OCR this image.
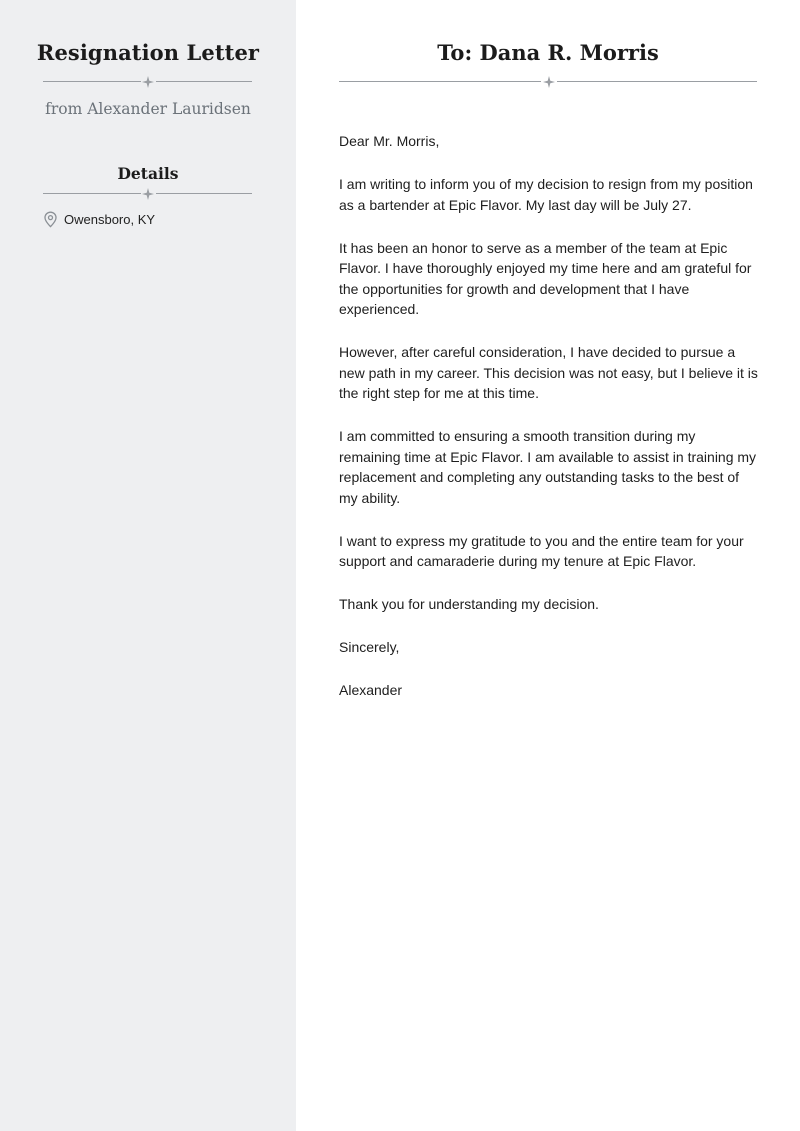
Resignation Letter
from Alexander Lauridsen
Details
Owensboro, KY
To: Dana R. Morris

Dear Mr. Morris,

I am writing to inform you of my decision to resign from my position as a bartender at Epic Flavor. My last day will be July 27.

It has been an honor to serve as a member of the team at Epic Flavor. I have thoroughly enjoyed my time here and am grateful for the opportunities for growth and development that I have experienced.

However, after careful consideration, I have decided to pursue a new path in my career. This decision was not easy, but I believe it is the right step for me at this time.

I am committed to ensuring a smooth transition during my remaining time at Epic Flavor. I am available to assist in training my replacement and completing any outstanding tasks to the best of my ability.

I want to express my gratitude to you and the entire team for your support and camaraderie during my tenure at Epic Flavor.

Thank you for understanding my decision.

Sincerely,

Alexander
